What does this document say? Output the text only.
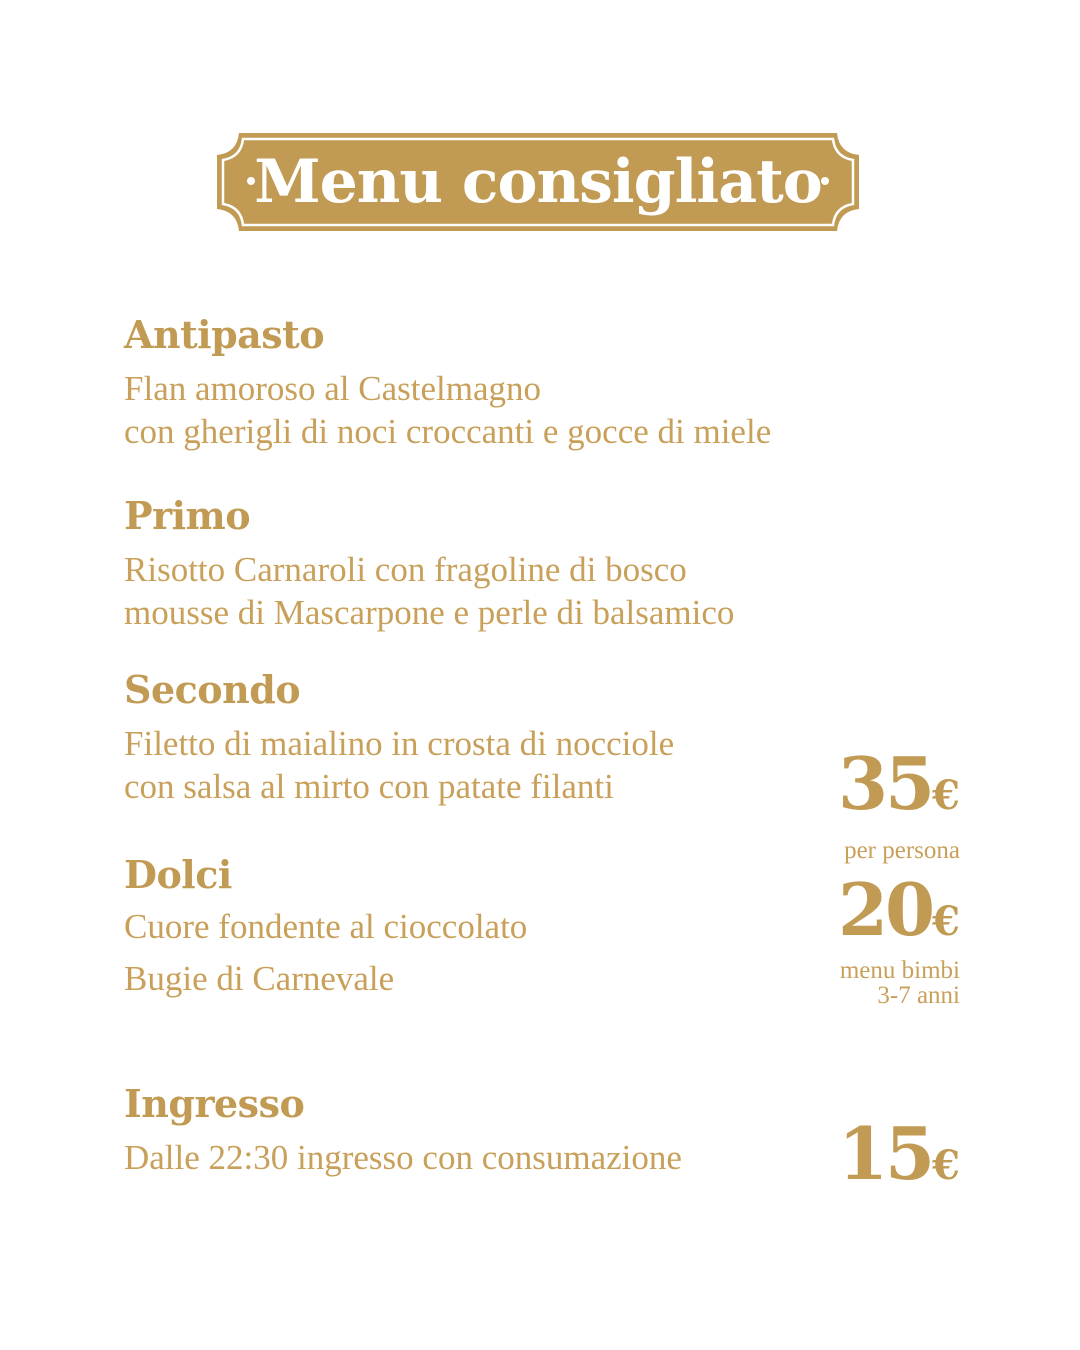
Menu consigliato
Antipasto
Flan amoroso al Castelmagno
con gherigli di noci croccanti e gocce di miele
Primo
Risotto Carnaroli con fragoline di bosco
mousse di Mascarpone e perle di balsamico
Secondo
Filetto di maialino in crosta di nocciole
con salsa al mirto con patate filanti
Dolci
Cuore fondente al cioccolato
Bugie di Carnevale
Ingresso
Dalle 22:30 ingresso con consumazione
35€
per persona
20€
menu bimbi
3-7 anni
15€
